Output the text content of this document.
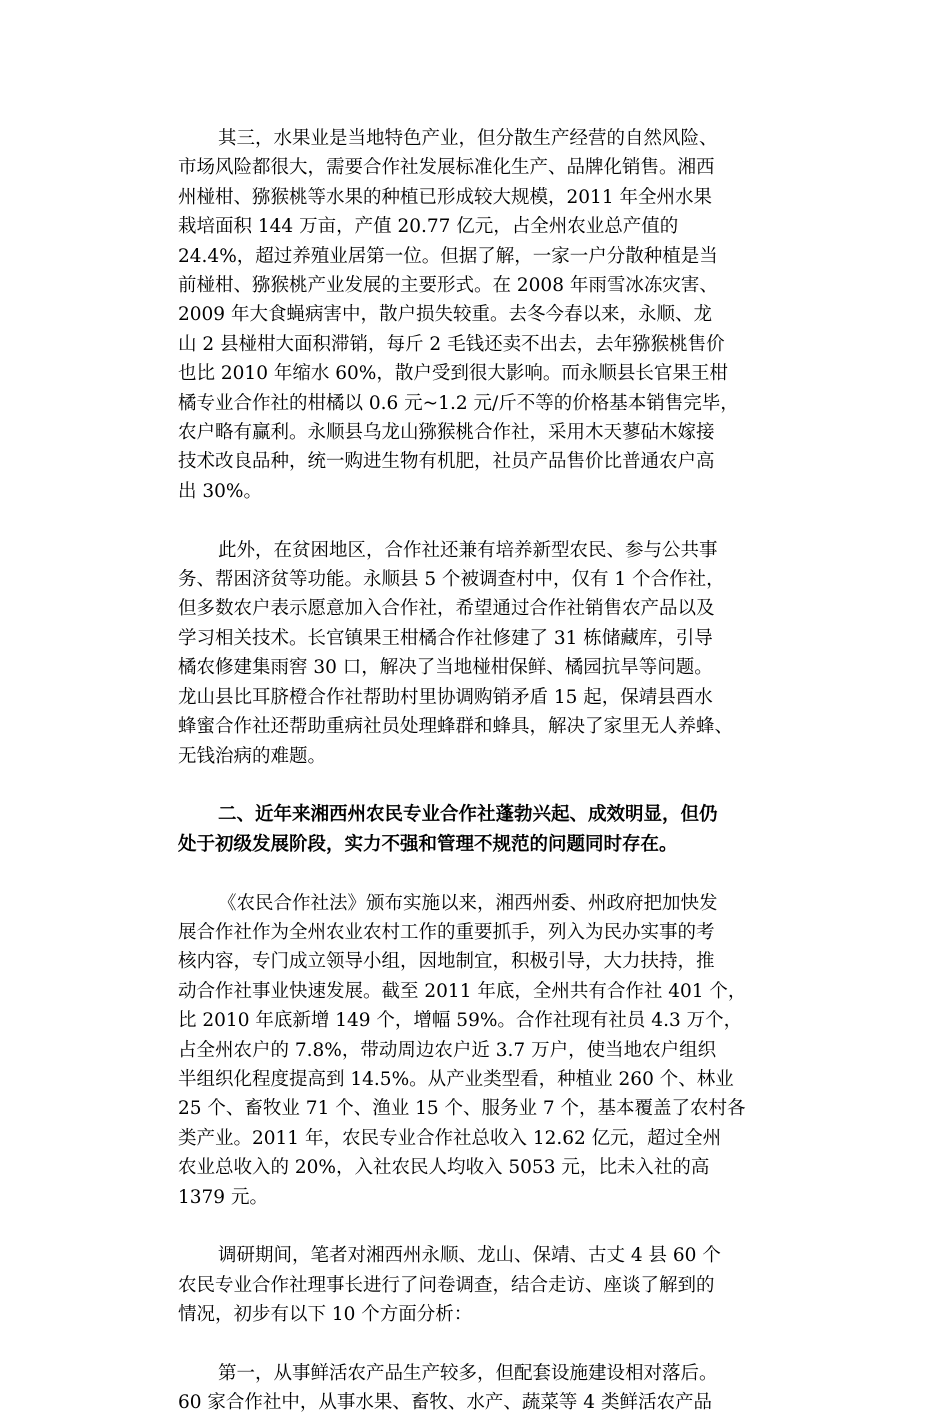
其三，水果业是当地特色产业，但分散生产经营的自然风险、
市场风险都很大，需要合作社发展标准化生产、品牌化销售。湘西
州椪柑、猕猴桃等水果的种植已形成较大规模，2011 年全州水果
栽培面积 144 万亩，产值 20.77 亿元，占全州农业总产值的
24.4%，超过养殖业居第一位。但据了解，一家一户分散种植是当
前椪柑、猕猴桃产业发展的主要形式。在 2008 年雨雪冰冻灾害、
2009 年大食蝇病害中，散户损失较重。去冬今春以来，永顺、龙
山 2 县椪柑大面积滞销，每斤 2 毛钱还卖不出去，去年猕猴桃售价
也比 2010 年缩水 60%，散户受到很大影响。而永顺县长官果王柑
橘专业合作社的柑橘以 0.6 元~1.2 元/斤不等的价格基本销售完毕，
农户略有赢利。永顺县乌龙山猕猴桃合作社，采用木天蓼砧木嫁接
技术改良品种，统一购进生物有机肥，社员产品售价比普通农户高
出 30%。
此外，在贫困地区，合作社还兼有培养新型农民、参与公共事
务、帮困济贫等功能。永顺县 5 个被调查村中，仅有 1 个合作社，
但多数农户表示愿意加入合作社，希望通过合作社销售农产品以及
学习相关技术。长官镇果王柑橘合作社修建了 31 栋储藏库，引导
橘农修建集雨窖 30 口，解决了当地椪柑保鲜、橘园抗旱等问题。
龙山县比耳脐橙合作社帮助村里协调购销矛盾 15 起，保靖县酉水
蜂蜜合作社还帮助重病社员处理蜂群和蜂具，解决了家里无人养蜂、
无钱治病的难题。
二、近年来湘西州农民专业合作社蓬勃兴起、成效明显，但仍
处于初级发展阶段，实力不强和管理不规范的问题同时存在。
《农民合作社法》颁布实施以来，湘西州委、州政府把加快发
展合作社作为全州农业农村工作的重要抓手，列入为民办实事的考
核内容，专门成立领导小组，因地制宜，积极引导，大力扶持，推
动合作社事业快速发展。截至 2011 年底，全州共有合作社 401 个，
比 2010 年底新增 149 个，增幅 59%。合作社现有社员 4.3 万个，
占全州农户的 7.8%，带动周边农户近 3.7 万户，使当地农户组织
半组织化程度提高到 14.5%。从产业类型看，种植业 260 个、林业
25 个、畜牧业 71 个、渔业 15 个、服务业 7 个，基本覆盖了农村各
类产业。2011 年，农民专业合作社总收入 12.62 亿元，超过全州
农业总收入的 20%，入社农民人均收入 5053 元，比未入社的高
1379 元。
调研期间，笔者对湘西州永顺、龙山、保靖、古丈 4 县 60 个
农民专业合作社理事长进行了问卷调查，结合走访、座谈了解到的
情况，初步有以下 10 个方面分析：
第一，从事鲜活农产品生产较多，但配套设施建设相对落后。
60 家合作社中，从事水果、畜牧、水产、蔬菜等 4 类鲜活农产品
